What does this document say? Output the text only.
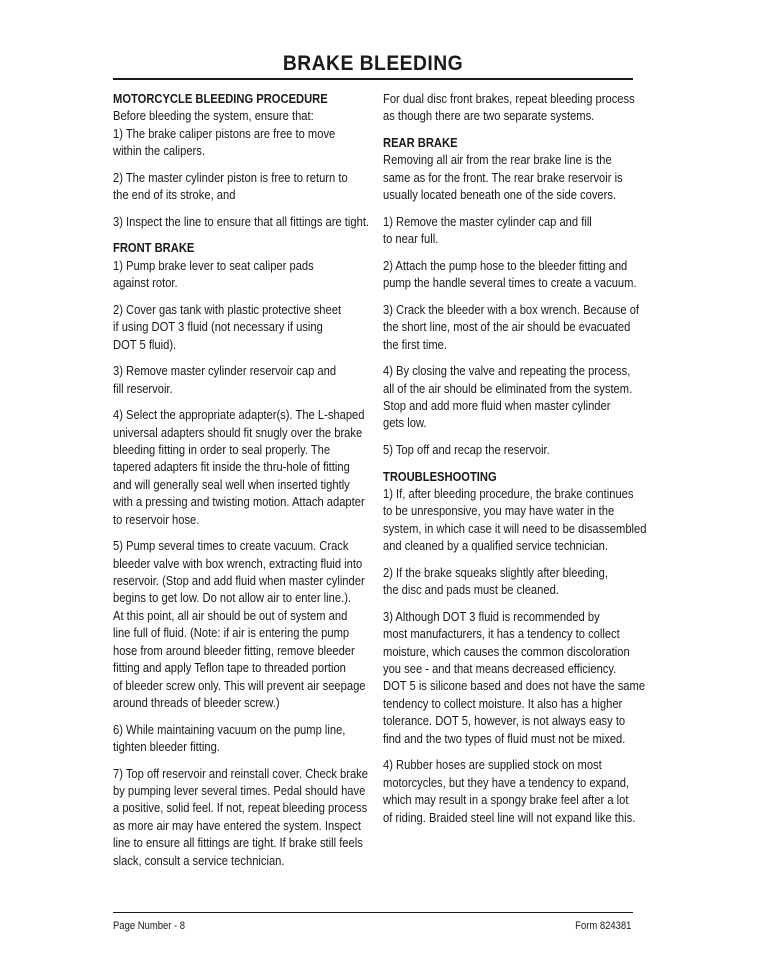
BRAKE BLEEDING
MOTORCYCLE BLEEDING PROCEDURE

Before bleeding the system, ensure that:
1) The brake caliper pistons are free to move
within the calipers.

2) The master cylinder piston is free to return to
the end of its stroke, and

3) Inspect the line to ensure that all fittings are tight.

FRONT BRAKE

1) Pump brake lever to seat caliper pads
against rotor.

2) Cover gas tank with plastic protective sheet
if using DOT 3 fluid (not necessary if using
DOT 5 fluid).

3) Remove master cylinder reservoir cap and
fill reservoir.

4) Select the appropriate adapter(s). The L-shaped
universal adapters should fit snugly over the brake
bleeding fitting in order to seal properly. The
tapered adapters fit inside the thru-hole of fitting
and will generally seal well when inserted tightly
with a pressing and twisting motion. Attach adapter
to reservoir hose.

5) Pump several times to create vacuum. Crack
bleeder valve with box wrench, extracting fluid into
reservoir. (Stop and add fluid when master cylinder
begins to get low. Do not allow air to enter line.).
At this point, all air should be out of system and
line full of fluid. (Note: if air is entering the pump
hose from around bleeder fitting, remove bleeder
fitting and apply Teflon tape to threaded portion
of bleeder screw only. This will prevent air seepage
around threads of bleeder screw.)

6) While maintaining vacuum on the pump line,
tighten bleeder fitting.

7) Top off reservoir and reinstall cover. Check brake
by pumping lever several times. Pedal should have
a positive, solid feel. If not, repeat bleeding process
as more air may have entered the system. Inspect
line to ensure all fittings are tight. If brake still feels
slack, consult a service technician.

For dual disc front brakes, repeat bleeding process
as though there are two separate systems.

REAR BRAKE

Removing all air from the rear brake line is the
same as for the front. The rear brake reservoir is
usually located beneath one of the side covers.

1) Remove the master cylinder cap and fill
to near full.

2) Attach the pump hose to the bleeder fitting and
pump the handle several times to create a vacuum.

3) Crack the bleeder with a box wrench. Because of
the short line, most of the air should be evacuated
the first time.

4) By closing the valve and repeating the process,
all of the air should be eliminated from the system.
Stop and add more fluid when master cylinder
gets low.

5) Top off and recap the reservoir.

TROUBLESHOOTING

1) If, after bleeding procedure, the brake continues
to be unresponsive, you may have water in the
system, in which case it will need to be disassembled
and cleaned by a qualified service technician.

2) If the brake squeaks slightly after bleeding,
the disc and pads must be cleaned.

3) Although DOT 3 fluid is recommended by
most manufacturers, it has a tendency to collect
moisture, which causes the common discoloration
you see - and that means decreased efficiency.
DOT 5 is silicone based and does not have the same
tendency to collect moisture. It also has a higher
tolerance. DOT 5, however, is not always easy to
find and the two types of fluid must not be mixed.

4) Rubber hoses are supplied stock on most
motorcycles, but they have a tendency to expand,
which may result in a spongy brake feel after a lot
of riding. Braided steel line will not expand like this.

Page Number - 8	Form 824381
